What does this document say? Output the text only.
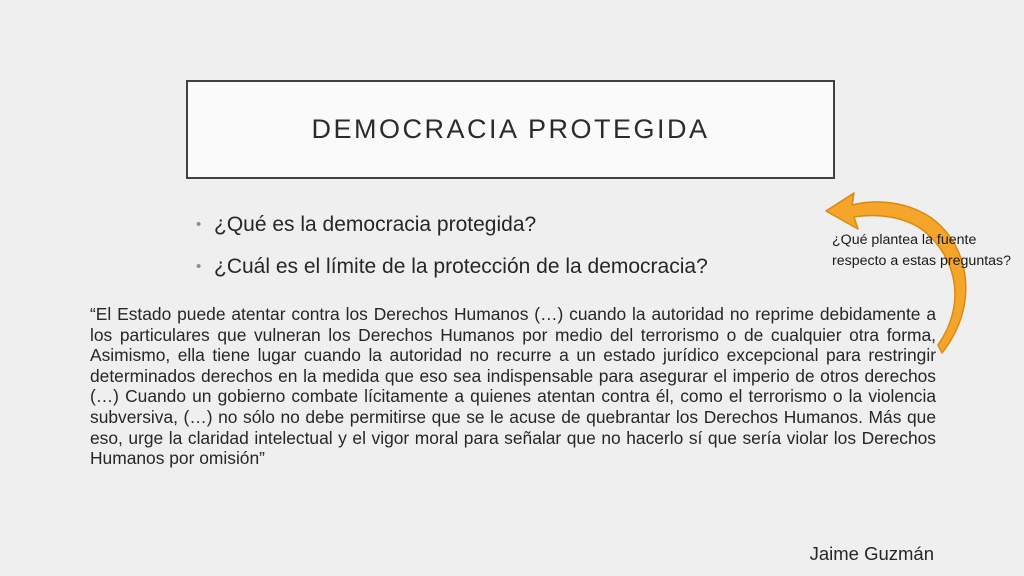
DEMOCRACIA PROTEGIDA
• ¿Qué es la democracia protegida?
• ¿Cuál es el límite de la protección de la democracia?

“El Estado puede atentar contra los Derechos Humanos (…) cuando la autoridad no reprime debidamente a los particulares que vulneran los Derechos Humanos por medio del terrorismo o de cualquier otra forma, Asimismo, ella tiene lugar cuando la autoridad no recurre a un estado jurídico excepcional para restringir determinados derechos en la medida que eso sea indispensable para asegurar el imperio de otros derechos (…) Cuando un gobierno combate lícitamente a quienes atentan contra él, como el terrorismo o la violencia subversiva, (…) no sólo no debe permitirse que se le acuse de quebrantar los Derechos Humanos. Más que eso, urge la claridad intelectual y el vigor moral para señalar que no hacerlo sí que sería violar los Derechos Humanos por omisión”

Jaime Guzmán
¿Qué plantea la fuente respecto a estas preguntas?
